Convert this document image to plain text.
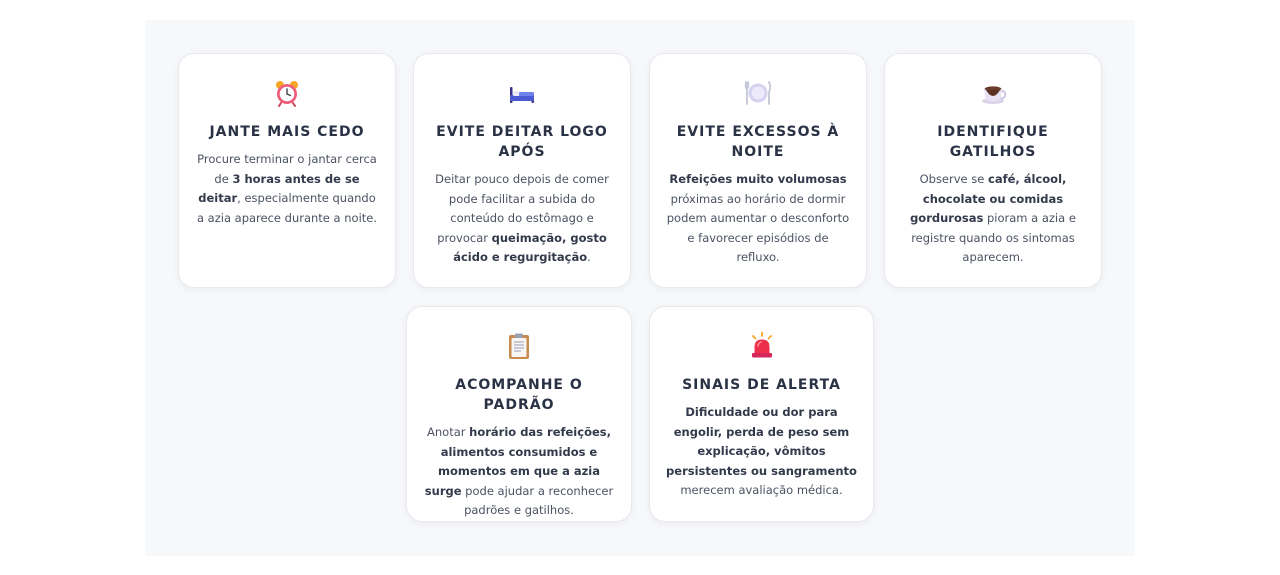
JANTE MAIS CEDO
Procure terminar o jantar cerca de 3 horas antes de se deitar, especialmente quando a azia aparece durante a noite.
EVITE DEITAR LOGO APÓS
Deitar pouco depois de comer pode facilitar a subida do conteúdo do estômago e provocar queimação, gosto ácido e regurgitação.
EVITE EXCESSOS À NOITE
Refeições muito volumosas próximas ao horário de dormir podem aumentar o desconforto e favorecer episódios de refluxo.
IDENTIFIQUE GATILHOS
Observe se café, álcool, chocolate ou comidas gordurosas pioram a azia e registre quando os sintomas aparecem.
ACOMPANHE O PADRÃO
Anotar horário das refeições, alimentos consumidos e momentos em que a azia surge pode ajudar a reconhecer padrões e gatilhos.
SINAIS DE ALERTA
Dificuldade ou dor para engolir, perda de peso sem explicação, vômitos persistentes ou sangramento merecem avaliação médica.
